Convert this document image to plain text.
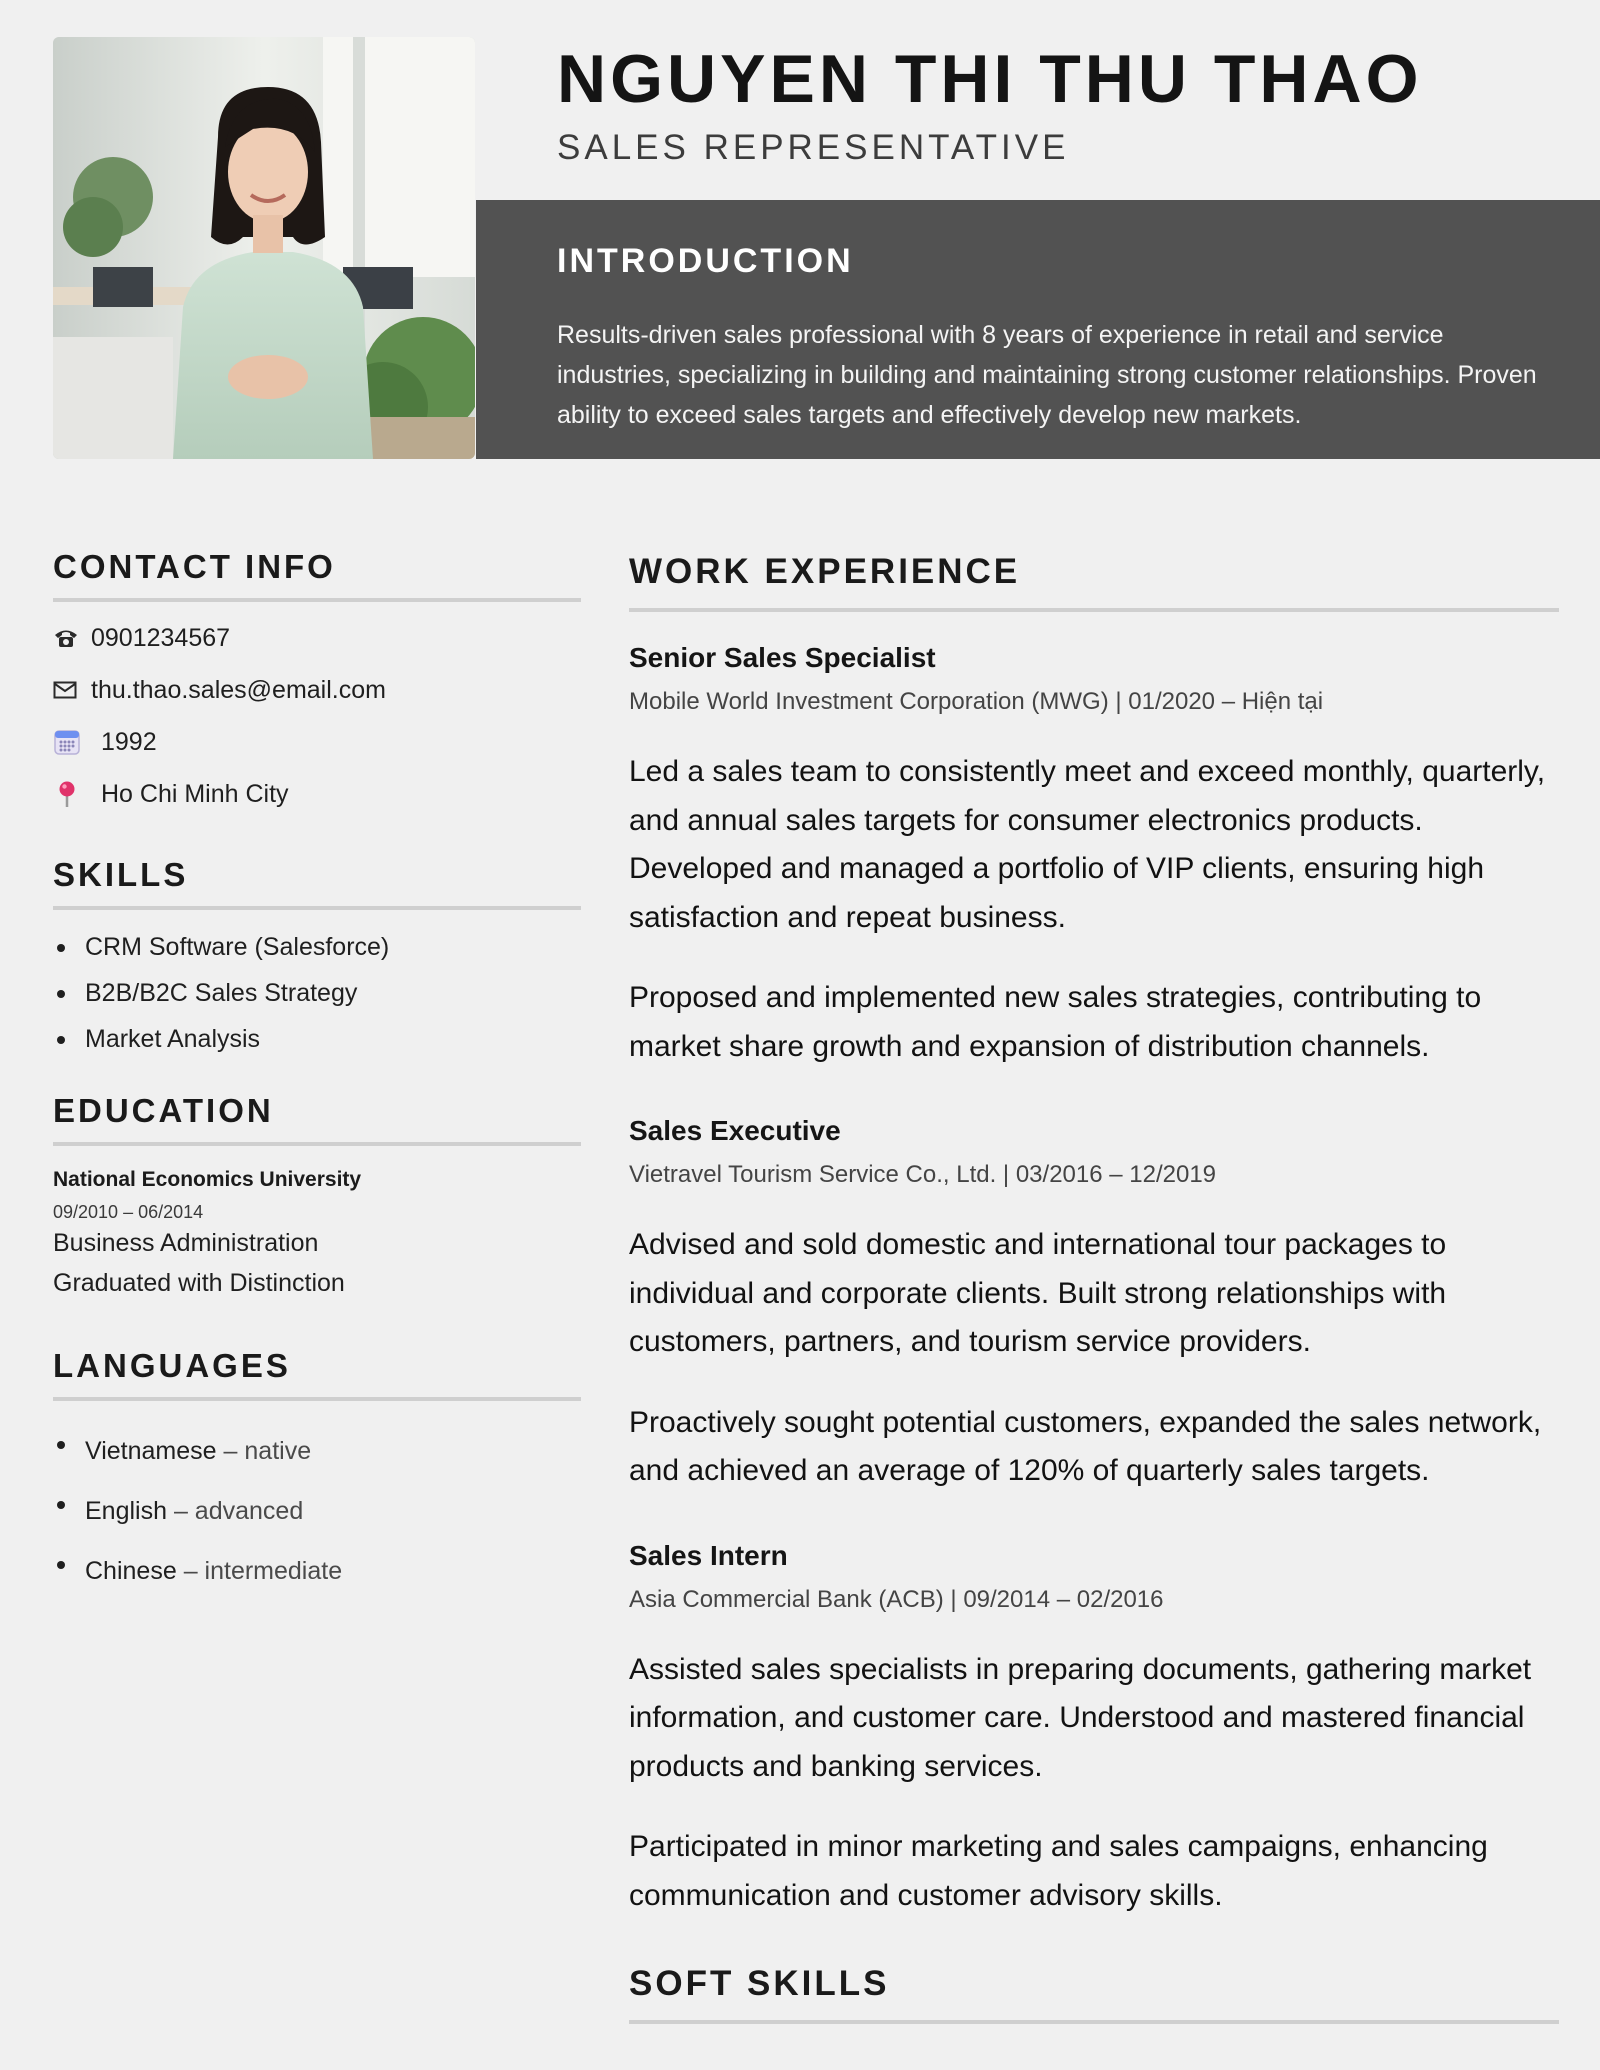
NGUYEN THI THU THAO
SALES REPRESENTATIVE
INTRODUCTION
Results-driven sales professional with 8 years of experience in retail and service industries, specializing in building and maintaining strong customer relationships. Proven ability to exceed sales targets and effectively develop new markets.
CONTACT INFO
0901234567
thu.thao.sales@email.com
1992
Ho Chi Minh City
SKILLS
CRM Software (Salesforce)
B2B/B2C Sales Strategy
Market Analysis
EDUCATION
National Economics University
09/2010 – 06/2014
Business Administration
Graduated with Distinction
LANGUAGES
Vietnamese – native
English – advanced
Chinese – intermediate
WORK EXPERIENCE
Senior Sales Specialist
Mobile World Investment Corporation (MWG) | 01/2020 – Hiện tại
Led a sales team to consistently meet and exceed monthly, quarterly, and annual sales targets for consumer electronics products. Developed and managed a portfolio of VIP clients, ensuring high satisfaction and repeat business.
Proposed and implemented new sales strategies, contributing to market share growth and expansion of distribution channels.
Sales Executive
Vietravel Tourism Service Co., Ltd. | 03/2016 – 12/2019
Advised and sold domestic and international tour packages to individual and corporate clients. Built strong relationships with customers, partners, and tourism service providers.
Proactively sought potential customers, expanded the sales network, and achieved an average of 120% of quarterly sales targets.
Sales Intern
Asia Commercial Bank (ACB) | 09/2014 – 02/2016
Assisted sales specialists in preparing documents, gathering market information, and customer care. Understood and mastered financial products and banking services.
Participated in minor marketing and sales campaigns, enhancing communication and customer advisory skills.
SOFT SKILLS
